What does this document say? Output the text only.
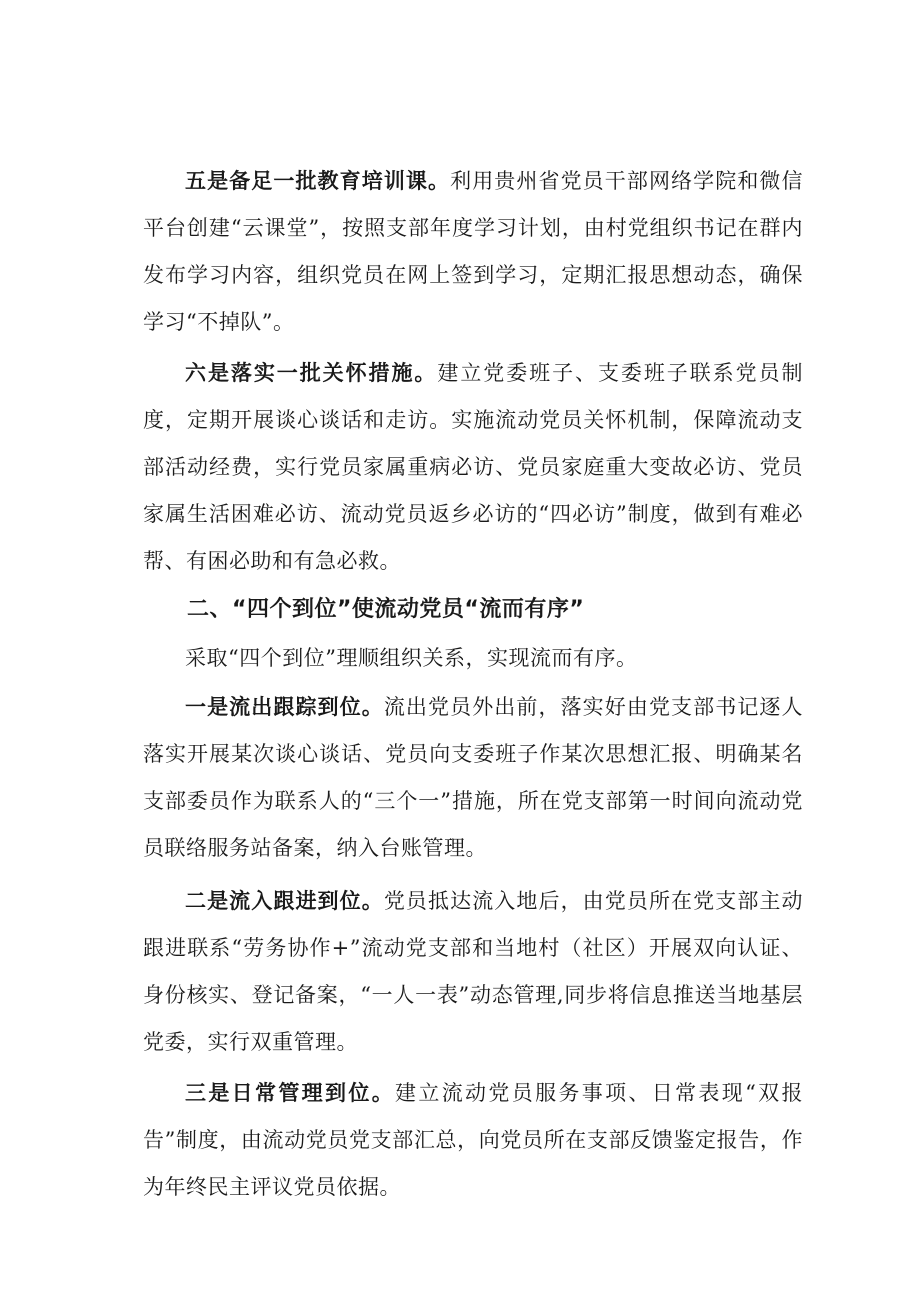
五是备足一批教育培训课。利用贵州省党员干部网络学院和微信平台创建“云课堂”，按照支部年度学习计划，由村党组织书记在群内发布学习内容，组织党员在网上签到学习，定期汇报思想动态，确保学习“不掉队”。

六是落实一批关怀措施。建立党委班子、支委班子联系党员制度，定期开展谈心谈话和走访。实施流动党员关怀机制，保障流动支部活动经费，实行党员家属重病必访、党员家庭重大变故必访、党员家属生活困难必访、流动党员返乡必访的“四必访”制度，做到有难必帮、有困必助和有急必救。

二、“四个到位”使流动党员“流而有序”

采取“四个到位”理顺组织关系，实现流而有序。

一是流出跟踪到位。流出党员外出前，落实好由党支部书记逐人落实开展某次谈心谈话、党员向支委班子作某次思想汇报、明确某名支部委员作为联系人的“三个一”措施，所在党支部第一时间向流动党员联络服务站备案，纳入台账管理。

二是流入跟进到位。党员抵达流入地后，由党员所在党支部主动跟进联系“劳务协作+”流动党支部和当地村（社区）开展双向认证、身份核实、登记备案，“一人一表”动态管理,同步将信息推送当地基层党委，实行双重管理。

三是日常管理到位。建立流动党员服务事项、日常表现“双报告”制度，由流动党员党支部汇总，向党员所在支部反馈鉴定报告，作为年终民主评议党员依据。
